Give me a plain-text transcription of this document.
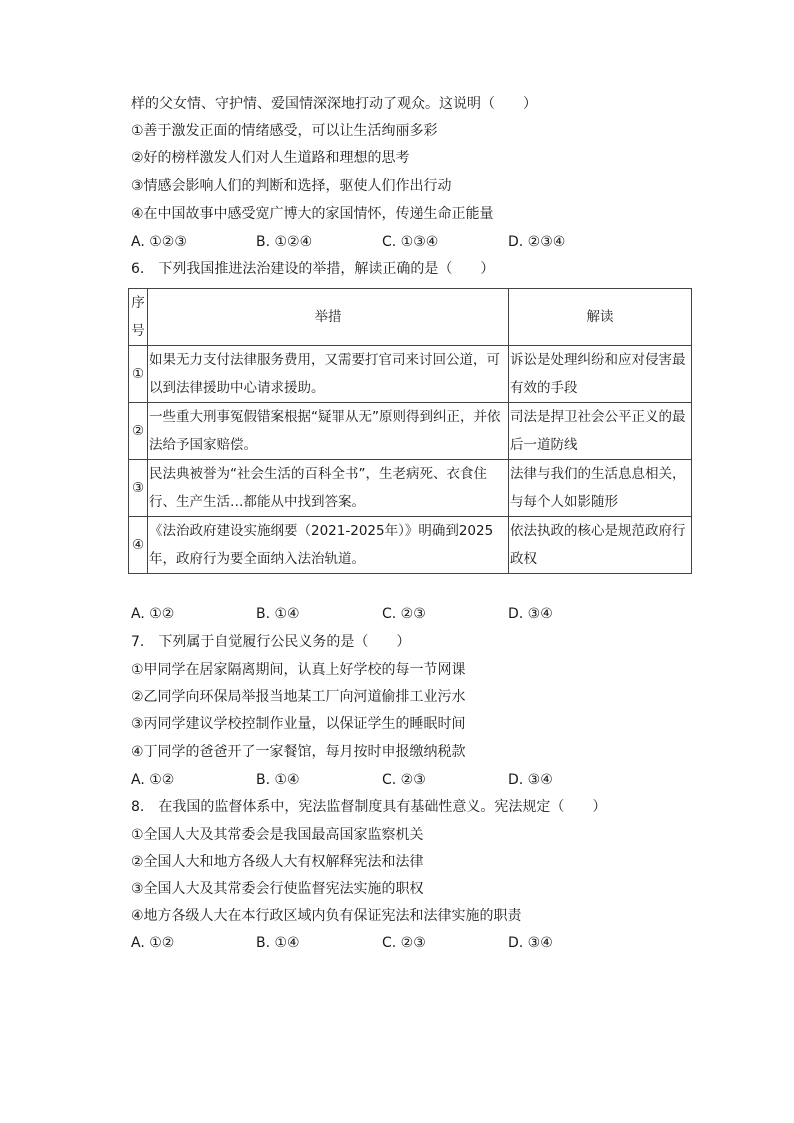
样的父女情、守护情、爱国情深深地打动了观众。这说明（　　）
①善于激发正面的情绪感受，可以让生活绚丽多彩
②好的榜样激发人们对人生道路和理想的思考
③情感会影响人们的判断和选择，驱使人们作出行动
④在中国故事中感受宽广博大的家国情怀，传递生命正能量
A. ①②③	B. ①②④	C. ①③④	D. ②③④
6.　下列我国推进法治建设的举措，解读正确的是（　　）
序号	举措	解读
①	如果无力支付法律服务费用，又需要打官司来讨回公道，可以到法律援助中心请求援助。	诉讼是处理纠纷和应对侵害最有效的手段

②	一些重大刑事冤假错案根据“疑罪从无”原则得到纠正，并依法给予国家赔偿。	司法是捍卫社会公平正义的最后一道防线

③	民法典被誉为“社会生活的百科全书”，生老病死、衣食住行、生产生活…都能从中找到答案。	法律与我们的生活息息相关，与每个人如影随形

④	《法治政府建设实施纲要（2021-2025年）》明确到2025年，政府行为要全面纳入法治轨道。	依法执政的核心是规范政府行政权
A. ①②	B. ①④	C. ②③	D. ③④
7.　下列属于自觉履行公民义务的是（　　）
①甲同学在居家隔离期间，认真上好学校的每一节网课
②乙同学向环保局举报当地某工厂向河道偷排工业污水
③丙同学建议学校控制作业量，以保证学生的睡眠时间
④丁同学的爸爸开了一家餐馆，每月按时申报缴纳税款
A. ①②	B. ①④	C. ②③	D. ③④
8.　在我国的监督体系中，宪法监督制度具有基础性意义。宪法规定（　　）
①全国人大及其常委会是我国最高国家监察机关
②全国人大和地方各级人大有权解释宪法和法律
③全国人大及其常委会行使监督宪法实施的职权
④地方各级人大在本行政区域内负有保证宪法和法律实施的职责
A. ①②	B. ①④	C. ②③	D. ③④
